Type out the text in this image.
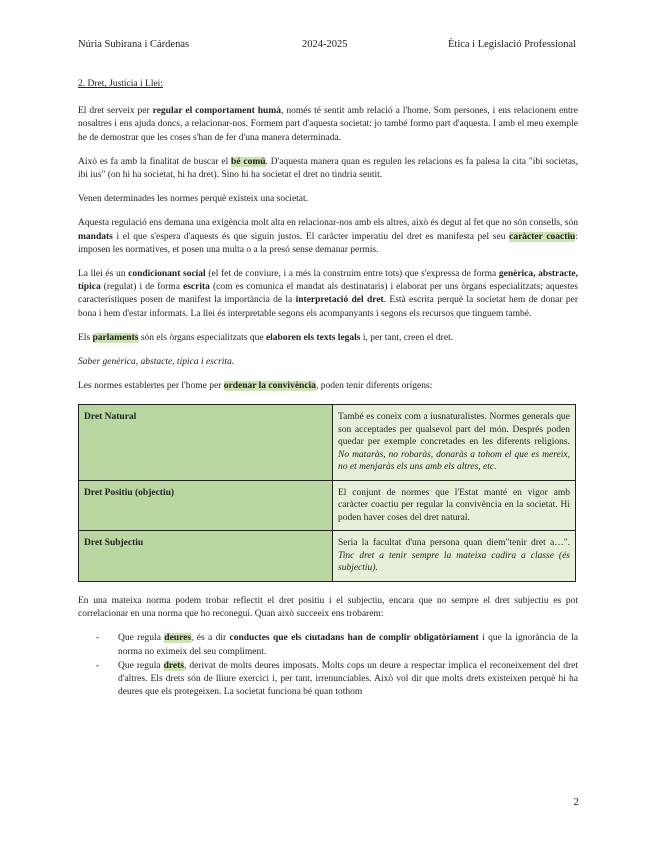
Núria Subirana i Cárdenas	2024-2025	Ètica i Legislació Professional

2. Dret, Justícia i Llei:

El dret serveix per regular el comportament humà, només té sentit amb relació a l'home. Som persones, i ens relacionem entre nosaltres i ens ajuda doncs, a relacionar-nos. Formem part d'aquesta societat: jo també formo part d'aquesta. I amb el meu exemple he de demostrar que les coses s'han de fer d'una manera determinada.

Això es fa amb la finalitat de buscar el bé comú. D'aquesta manera quan es regulen les relacions es fa palesa la cita "ibi societas, ibi ius" (on hi ha societat, hi ha dret). Sino hi ha societat el dret no tindria sentit.

Venen determinades les normes perquè existeix una societat.

Aquesta regulació ens demana una exigència molt alta en relacionar-nos amb els altres, això és degut al fet que no són consells, són mandats i el que s'espera d'aquests és que siguin justos. El caràcter imperatiu del dret es manifesta pel seu caràcter coactiu: imposen les normatives, et posen una multa o a la presó sense demanar permís.

La llei és un condicionant social (el fet de conviure, i a més la construim entre tots) que s'expressa de forma genèrica, abstracte, típica (regulat) i de forma escrita (com es comunica el mandat als destinataris) i elaborat per uns òrgans especialitzats; aquestes característiques posen de manifest la importància de la interpretació del dret. Està escrita perquè la societat hem de donar per bona i hem d'estar informats. La llei és interpretable segons els acompanyants i segons els recursos que tinguem també.

Els parlaments són els òrgans especialitzats que elaboren els texts legals i, per tant, creen el dret.

Saber genèrica, abstacte, típica i escrita.

Les normes establertes per l'home per ordenar la convivència, poden tenir diferents orígens:

Dret Natural	També es coneix com a iusnaturalistes. Normes generals que son acceptades per qualsevol part del món. Després poden quedar per exemple concretades en les diferents religions. No mataràs, no robaràs, donaràs a tohom el que es mereix, no et menjaràs els uns amb els altres, etc.
Dret Positiu (objectiu)	El conjunt de normes que l'Estat manté en vigor amb caràcter coactiu per regular la convivència en la societat. Hi poden haver coses del dret natural.
Dret Subjectiu	Seria la facultat d'una persona quan diem"tenir dret a…". Tinc dret a tenir sempre la mateixa cadira a classe (és subjectiu).

En una mateixa norma podem trobar reflectit el dret positiu i el subjectiu, encara que no sempre el dret subjectiu es pot correlacionar en una norma que ho reconegui. Quan això succeeix ens trobarem:

- Que regula deures, és a dir conductes que els ciutadans han de complir obligatòriament i que la ignorància de la norma no eximeix del seu compliment.
- Que regula drets, derivat de molts deures imposats. Molts cops un deure a respectar implica el reconeixement del dret d'altres. Els drets són de lliure exercici i, per tant, irrenunciables. Això vol dir que molts drets existeixen perquè hi ha deures que els protegeixen. La societat funciona bé quan tothom
2
